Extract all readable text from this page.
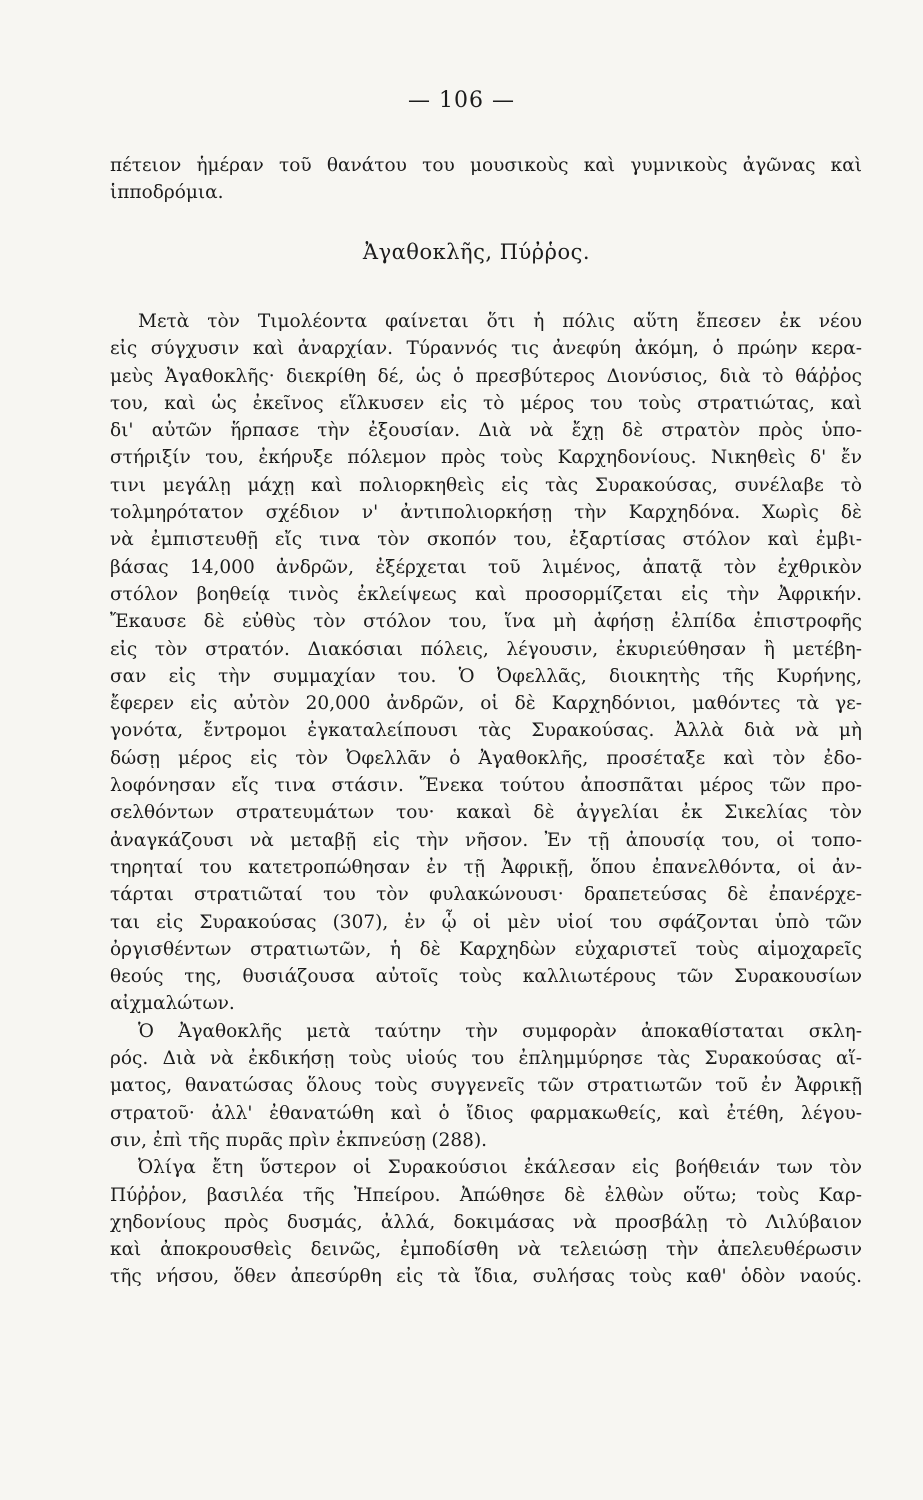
— 106 —
πέτειον ἡμέραν τοῦ θανάτου του μουσικοὺς καὶ γυμνικοὺς ἀγῶνας καὶ
ἱπποδρόμια.
Ἀγαθοκλῆς, Πύῤῥος.
Μετὰ τὸν Τιμολέοντα φαίνεται ὅτι ἡ πόλις αὕτη ἔπεσεν ἐκ νέου
εἰς σύγχυσιν καὶ ἀναρχίαν. Τύραννός τις ἀνεφύη ἀκόμη, ὁ πρώην κερα-
μεὺς Ἀγαθοκλῆς· διεκρίθη δέ, ὡς ὁ πρεσβύτερος Διονύσιος, διὰ τὸ θάῤῥος
του, καὶ ὡς ἐκεῖνος εἵλκυσεν εἰς τὸ μέρος του τοὺς στρατιώτας, καὶ
δι' αὐτῶν ἥρπασε τὴν ἐξουσίαν. Διὰ νὰ ἔχῃ δὲ στρατὸν πρὸς ὑπο-
στήριξίν του, ἐκήρυξε πόλεμον πρὸς τοὺς Καρχηδονίους. Νικηθεὶς δ' ἔν
τινι μεγάλῃ μάχῃ καὶ πολιορκηθεὶς εἰς τὰς Συρακούσας, συνέλαβε τὸ
τολμηρότατον σχέδιον ν' ἀντιπολιορκήσῃ τὴν Καρχηδόνα. Χωρὶς δὲ
νὰ ἐμπιστευθῇ εἴς τινα τὸν σκοπόν του, ἐξαρτίσας στόλον καὶ ἐμβι-
βάσας 14,000 ἀνδρῶν, ἐξέρχεται τοῦ λιμένος, ἀπατᾷ τὸν ἐχθρικὸν
στόλον βοηθείᾳ τινὸς ἐκλείψεως καὶ προσορμίζεται εἰς τὴν Ἀφρικήν.
Ἔκαυσε δὲ εὐθὺς τὸν στόλον του, ἵνα μὴ ἀφήσῃ ἐλπίδα ἐπιστροφῆς
εἰς τὸν στρατόν. Διακόσιαι πόλεις, λέγουσιν, ἐκυριεύθησαν ἢ μετέβη-
σαν εἰς τὴν συμμαχίαν του. Ὁ Ὀφελλᾶς, διοικητὴς τῆς Κυρήνης,
ἔφερεν εἰς αὐτὸν 20,000 ἀνδρῶν, οἱ δὲ Καρχηδόνιοι, μαθόντες τὰ γε-
γονότα, ἔντρομοι ἐγκαταλείπουσι τὰς Συρακούσας. Ἀλλὰ διὰ νὰ μὴ
δώσῃ μέρος εἰς τὸν Ὀφελλᾶν ὁ Ἀγαθοκλῆς, προσέταξε καὶ τὸν ἐδο-
λοφόνησαν εἴς τινα στάσιν. Ἕνεκα τούτου ἀποσπᾶται μέρος τῶν προ-
σελθόντων στρατευμάτων του· κακαὶ δὲ ἀγγελίαι ἐκ Σικελίας τὸν
ἀναγκάζουσι νὰ μεταβῇ εἰς τὴν νῆσον. Ἐν τῇ ἀπουσίᾳ του, οἱ τοπο-
τηρηταί του κατετροπώθησαν ἐν τῇ Ἀφρικῇ, ὅπου ἐπανελθόντα, οἱ ἀν-
τάρται στρατιῶταί του τὸν φυλακώνουσι· δραπετεύσας δὲ ἐπανέρχε-
ται εἰς Συρακούσας (307), ἐν ᾧ οἱ μὲν υἱοί του σφάζονται ὑπὸ τῶν
ὀργισθέντων στρατιωτῶν, ἡ δὲ Καρχηδὼν εὐχαριστεῖ τοὺς αἱμοχαρεῖς
θεούς της, θυσιάζουσα αὐτοῖς τοὺς καλλιωτέρους τῶν Συρακουσίων
αἰχμαλώτων.
Ὁ Ἀγαθοκλῆς μετὰ ταύτην τὴν συμφορὰν ἀποκαθίσταται σκλη-
ρός. Διὰ νὰ ἐκδικήσῃ τοὺς υἱούς του ἐπλημμύρησε τὰς Συρακούσας αἵ-
ματος, θανατώσας ὅλους τοὺς συγγενεῖς τῶν στρατιωτῶν τοῦ ἐν Ἀφρικῇ
στρατοῦ· ἀλλ' ἐθανατώθη καὶ ὁ ἴδιος φαρμακωθείς, καὶ ἐτέθη, λέγου-
σιν, ἐπὶ τῆς πυρᾶς πρὶν ἐκπνεύσῃ (288).
Ὀλίγα ἔτη ὕστερον οἱ Συρακούσιοι ἐκάλεσαν εἰς βοήθειάν των τὸν
Πύῤῥον, βασιλέα τῆς Ἠπείρου. Ἀπώθησε δὲ ἐλθὼν οὕτω; τοὺς Καρ-
χηδονίους πρὸς δυσμάς, ἀλλά, δοκιμάσας νὰ προσβάλῃ τὸ Λιλύβαιον
καὶ ἀποκρουσθεὶς δεινῶς, ἐμποδίσθη νὰ τελειώσῃ τὴν ἀπελευθέρωσιν
τῆς νήσου, ὅθεν ἀπεσύρθη εἰς τὰ ἴδια, συλήσας τοὺς καθ' ὁδὸν ναούς.
